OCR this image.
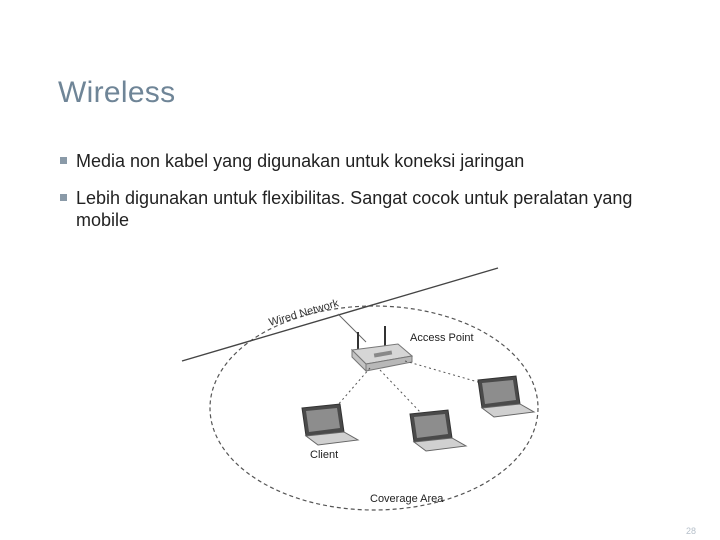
Wireless
Media non kabel yang digunakan untuk koneksi jaringan
Lebih digunakan untuk flexibilitas. Sangat cocok untuk peralatan yang mobile
Wired Network
Access Point
Client
Coverage Area
28
